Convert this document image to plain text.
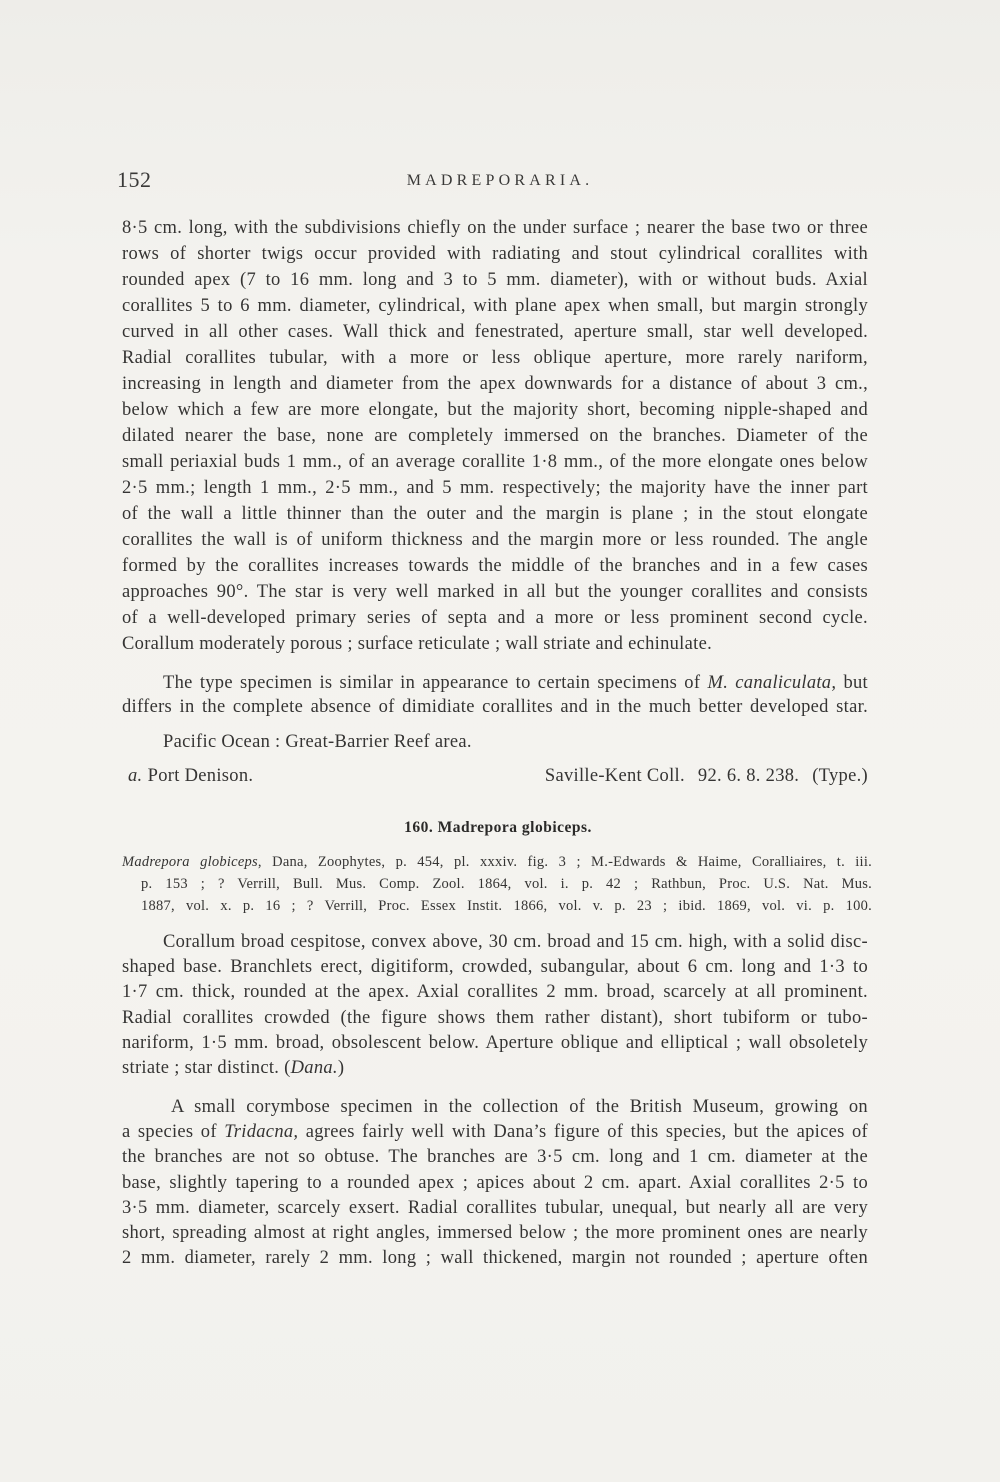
152	MADREPORARIA.
8·5 cm. long, with the subdivisions chiefly on the under surface ; nearer the base two or three
rows of shorter twigs occur provided with radiating and stout cylindrical corallites with
rounded apex (7 to 16 mm. long and 3 to 5 mm. diameter), with or without buds. Axial
corallites 5 to 6 mm. diameter, cylindrical, with plane apex when small, but margin strongly
curved in all other cases. Wall thick and fenestrated, aperture small, star well developed.
Radial corallites tubular, with a more or less oblique aperture, more rarely nariform,
increasing in length and diameter from the apex downwards for a distance of about 3 cm.,
below which a few are more elongate, but the majority short, becoming nipple-shaped and
dilated nearer the base, none are completely immersed on the branches. Diameter of the
small periaxial buds 1 mm., of an average corallite 1·8 mm., of the more elongate ones below
2·5 mm.; length 1 mm., 2·5 mm., and 5 mm. respectively; the majority have the inner part
of the wall a little thinner than the outer and the margin is plane ; in the stout elongate
corallites the wall is of uniform thickness and the margin more or less rounded. The angle
formed by the corallites increases towards the middle of the branches and in a few cases
approaches 90°. The star is very well marked in all but the younger corallites and consists
of a well-developed primary series of septa and a more or less prominent second cycle.
Corallum moderately porous ; surface reticulate ; wall striate and echinulate.
The type specimen is similar in appearance to certain specimens of M. canaliculata, but
differs in the complete absence of dimidiate corallites and in the much better developed star.
Pacific Ocean : Great-Barrier Reef area.
a. Port Denison.	Saville-Kent Coll. 92. 6. 8. 238. (Type.)
160. Madrepora globiceps.
Madrepora globiceps, Dana, Zoophytes, p. 454, pl. xxxiv. fig. 3 ; M.-Edwards & Haime, Coralliaires, t. iii.
p. 153 ; ? Verrill, Bull. Mus. Comp. Zool. 1864, vol. i. p. 42 ; Rathbun, Proc. U.S. Nat. Mus.
1887, vol. x. p. 16 ; ? Verrill, Proc. Essex Instit. 1866, vol. v. p. 23 ; ibid. 1869, vol. vi. p. 100.
Corallum broad cespitose, convex above, 30 cm. broad and 15 cm. high, with a solid disc-
shaped base. Branchlets erect, digitiform, crowded, subangular, about 6 cm. long and 1·3 to
1·7 cm. thick, rounded at the apex. Axial corallites 2 mm. broad, scarcely at all prominent.
Radial corallites crowded (the figure shows them rather distant), short tubiform or tubo-
nariform, 1·5 mm. broad, obsolescent below. Aperture oblique and elliptical ; wall obsoletely
striate ; star distinct. (Dana.)
A small corymbose specimen in the collection of the British Museum, growing on
a species of Tridacna, agrees fairly well with Dana’s figure of this species, but the apices of
the branches are not so obtuse. The branches are 3·5 cm. long and 1 cm. diameter at the
base, slightly tapering to a rounded apex ; apices about 2 cm. apart. Axial corallites 2·5 to
3·5 mm. diameter, scarcely exsert. Radial corallites tubular, unequal, but nearly all are very
short, spreading almost at right angles, immersed below ; the more prominent ones are nearly
2 mm. diameter, rarely 2 mm. long ; wall thickened, margin not rounded ; aperture often
